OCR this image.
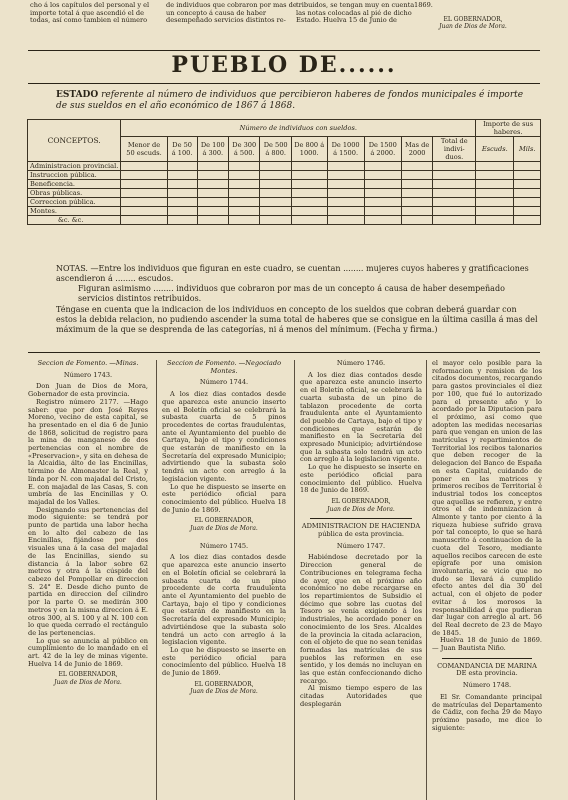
cho á los capítulos del personal y el importe total á que ascendió el de todas, así como tambien el número
de individuos que cobraron por mas de un concepto á causa de haber desempeñado servicios distintos re-
tribuidos, se tengan muy en cuenta las notas colocadas al pié de dicho Estado. Huelva 15 de Junio de
1869.
EL GOBERNADOR,
Juan de Dios de Mora.
PUEBLO DE......
ESTADO referente al número de individuos que percibieron haberes de fondos municipales é importe de sus sueldos en el año económico de 1867 á 1868.
CONCEPTOS.	Número de individuos con sueldos.										Importe de sus haberes.	
	Menor de 50 escuds.	De 50 á 100.	De 100 á 300.	De 300 á 500.	De 500 á 800.	De 800 á 1000.	De 1000 á 1500.	De 1500 á 2000.	Mas de 2000	Total de indivi-duos.	Escuds.	Mils.
Administracion provincial.												
Instruccion pública.												
Beneficencia.												
Obras públicas.												
Correccion pública.												
Montes.												
&c. &c.												
NOTAS. —Entre los individuos que figuran en este cuadro, se cuentan ........ mujeres cuyos haberes y gratificaciones ascendieron á ........ escudos.
Figuran asimismo ........ individuos que cobraron por mas de un concepto á causa de haber desempeñado servicios distintos retribuidos.
Téngase en cuenta que la indicacion de los individuos en concepto de los sueldos que cobran deberá guardar con estos la debida relacion, no pudiendo ascender la suma total de haberes que se consigue en la última casilla á mas del máximum de la que se desprenda de las categorías, ni á menos del mínimum. (Fecha y firma.)
Seccion de Fomento. —Minas.
Número 1743.

Don Juan de Dios de Mora, Gobernador de esta provincia.

Registro número 2177. —Hago saber: que por don José Reyes Moreno, vecino de esta capital, se ha presentado en el dia 6 de Junio de 1868, solicitud de registro para la mina de manganeso de dos pertenencias con el nombre de «Preservacion», y sita en dehesa de la Alcaidia, álto de las Encinillas, término de Almonaster la Real, y linda por N. con majadal del Cristo, E. con majadal de las Casas, S. con umbría de las Encinillas y O. majadal de los Valles.

Designando sus pertenencias del modo siguiente: se tendrá por punto de partida una labor hecha en lo alto del cabezo de las Encinillas, fijándose por dos visuales una á la casa del majadal de las Encinillas, siendo su distancia á la labor sobre 62 metros y otra á la cúspide del cabezo del Pompollar en direccion S. 24° E. Desde dicho punto de partida en direccion del cilindro por la parte O. se medirán 300 metros y en la misma direccion á E. otros 300, al S. 100 y al N. 100 con lo que queda cerrado el rectángulo de las pertenencias.

Lo que se anuncia al público en cumplimiento de lo mandado en el art. 42 de la ley de minas vigente. Huelva 14 de Junio de 1869.

EL GOBERNADOR,
Juan de Dios de Mora.
Seccion de Fomento. —Negociado Montes.
Número 1744.

A los diez dias contados desde que aparezca este anuncio inserto en el Boletín oficial se celebrará la subasta cuarta de 5 pinos procedentes de cortas fraudulentas, ante el Ayuntamiento del pueblo de Cartaya, bajo el tipo y condiciones que estarán de manifiesto en la Secretaría del expresado Municipio; advirtiendo que la subasta solo tendrá un acto con arreglo á la legislacion vigente.

Lo que he dispuesto se inserte en este periódico oficial para conocimiento del público. Huelva 18 de Junio de 1869.

EL GOBERNADOR,
Juan de Dios de Mora.
Número 1745.

A los diez dias contados desde que aparezca este anuncio inserto en el Boletín oficial se celebrará la subasta cuarta de un pino procedente de corta fraudulenta ante el Ayuntamiento del pueblo de Cartaya, bajo el tipo y condiciones que estarán de manifiesto en la Secretaría del expresado Municipio; advirtiéndose que la subasta solo tendrá un acto con arreglo á la legislacion vigente.

Lo que he dispuesto se inserte en este periódico oficial para conocimiento del público. Huelva 18 de Junio de 1869.

EL GOBERNADOR,
Juan de Dios de Mora.
Número 1746.

A los diez dias contados desde que aparezca este anuncio inserto en el Boletín oficial, se celebrará la cuarta subasta de un pino de tablazon procedente de corta fraudulenta ante el Ayuntamiento del pueblo de Cartaya, bajo el tipo y condiciones que estarán de manifiesto en la Secretaría del expresado Municipio; advirtiéndose que la subasta solo tendrá un acto con arreglo á la legislacion vigente.

Lo que he dispuesto se inserte en este periódico oficial para conocimiento del público. Huelva 18 de Junio de 1869.

EL GOBERNADOR,
Juan de Dios de Mora.
ADMINISTRACION DE HACIENDA pública de esta provincia.
Número 1747.

Habiéndose decretado por la Direccion general de Contribuciones en telegrama fecha de ayer, que en el próximo año económico no debe recargarse en los repartimientos de Subsidio el décimo que sobre las cuotas del Tesoro se venía exigiendo á los industriales, he acordado poner en conocimiento de los Sres. Alcaldes de la provincia la citada aclaracion, con el objeto de que no sean tenidas formadas las matrículas de sus pueblos las reformen en ese sentido, y los demás no incluyan en las que están confeccionando dicho recargo.

Al mismo tiempo espero de las citadas Autoridades que desplegarán

el mayor celo posible para la reformacion y remision de los citados documentos, recargando para gastos provinciales el diez por 100, que fué lo autorizado para el presente año y lo acordado por la Diputacion para el próximo, así como que adopten las medidas necesarias para que vengan en union de las matrículas y repartimientos de Territorial los recibos talonarios que deben recoger de la delegacion del Banco de España en esta Capital, cuidando de poner en las matrices y primeros recibos de Territorial é industrial todos los conceptos que aquellas se refieren, y entre otros el de indemnizacion á Almonte y tanto por ciento á la riqueza hubiese sufrido grava por tal concepto, lo que se hará manuscrito á continuacion de la cuota del Tesoro, mediante aquellos recibos carecen de este epígrafe por una omision involuntaria, se vicio que no dudo se llevará á cumplido efecto antes del dia 30 del actual, con el objeto de poder evitar á los morosos la responsabilidad á que pudieran dar lugar con arreglo al art. 56 del Real decreto de 23 de Mayo de 1845.

Huelva 18 de Junio de 1869. — Juan Bautista Niño.

COMANDANCIA DE MARINA DE esta provincia.
Número 1748.

El Sr. Comandante principal de matrículas del Departamento de Cádiz, con fecha 29 de Mayo próximo pasado, me dice lo siguiente:
